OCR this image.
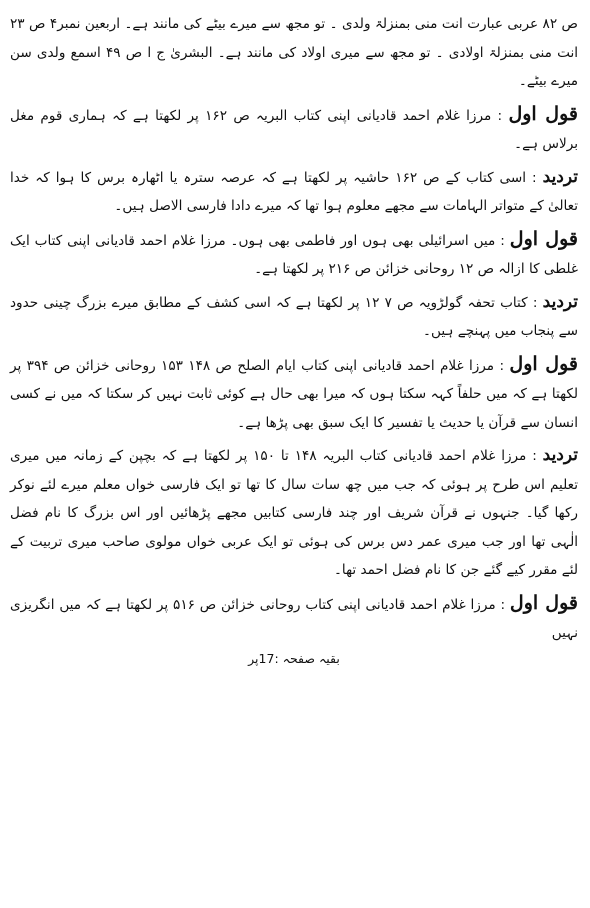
ص ۸۲ عربی عبارت انت منی بمنزلۃ ولدی ۔ تو مجھ سے میرے بیٹے کی مانند ہے۔ اربعین نمبر۴ ص ۲۳ انت منی بمنزلۃ اولادی ۔ تو مجھ سے میری اولاد کی مانند ہے۔ البشریٰ ج ا ص ۴۹ اسمع ولدی سن میرے بیٹے۔

قول اول : مرزا غلام احمد قادیانی اپنی کتاب البریہ ص ۱۶۲ پر لکھتا ہے کہ ہماری قوم مغل برلاس ہے۔

تردید : اسی کتاب کے ص ۱۶۲ حاشیہ پر لکھتا ہے کہ عرصہ سترہ یا اٹھارہ برس کا ہوا کہ خدا تعالیٰ کے متواتر الہامات سے مجھے معلوم ہوا تھا کہ میرے دادا فارسی الاصل ہیں۔

قول اول : میں اسرائیلی بھی ہوں اور فاطمی بھی ہوں۔ مرزا غلام احمد قادیانی اپنی کتاب ایک غلطی کا ازالہ ص ۱۲ روحانی خزائن ص ۲۱۶ پر لکھتا ہے۔

تردید : کتاب تحفہ گولڑویہ ص ۷ ۱۲ پر لکھتا ہے کہ اسی کشف کے مطابق میرے بزرگ چینی حدود سے پنجاب میں پہنچے ہیں۔

قول اول : مرزا غلام احمد قادیانی اپنی کتاب ایام الصلح ص ۱۴۸ ۱۵۳ روحانی خزائن ص ۳۹۴ پر لکھتا ہے کہ میں حلفاً کہہ سکتا ہوں کہ میرا بھی حال ہے کوئی ثابت نہیں کر سکتا کہ میں نے کسی انسان سے قرآن یا حدیث یا تفسیر کا ایک سبق بھی پڑھا ہے۔

تردید : مرزا غلام احمد قادیانی کتاب البریہ ۱۴۸ تا ۱۵۰ پر لکھتا ہے کہ بچپن کے زمانہ میں میری تعلیم اس طرح پر ہوئی کہ جب میں چھ سات سال کا تھا تو ایک فارسی خواں معلم میرے لئے نوکر رکھا گیا۔ جنہوں نے قرآن شریف اور چند فارسی کتابیں مجھے پڑھائیں اور اس بزرگ کا نام فضل الٰہی تھا اور جب میری عمر دس برس کی ہوئی تو ایک عربی خواں مولوی صاحب میری تربیت کے لئے مقرر کیے گئے جن کا نام فضل احمد تھا۔

قول اول : مرزا غلام احمد قادیانی اپنی کتاب روحانی خزائن ص ۵۱۶ پر لکھتا ہے کہ میں انگریزی نہیں

بقیہ صفحہ :17پر
